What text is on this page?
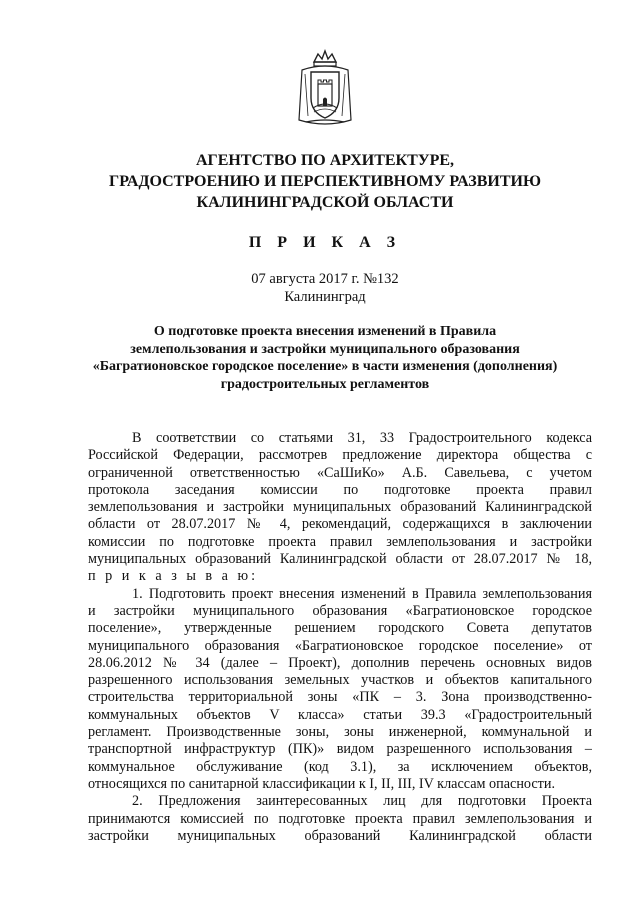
АГЕНТСТВО ПО АРХИТЕКТУРЕ,
ГРАДОСТРОЕНИЮ И ПЕРСПЕКТИВНОМУ РАЗВИТИЮ
КАЛИНИНГРАДСКОЙ ОБЛАСТИ
П Р И К А З
07 августа 2017 г. №132
Калининград
О подготовке проекта внесения изменений в Правила
землепользования и застройки муниципального образования
«Багратионовское городское поселение» в части изменения (дополнения)
градостроительных регламентов
В соответствии со статьями 31, 33 Градостроительного кодекса
Российской Федерации, рассмотрев предложение директора общества с
ограниченной ответственностью «СаШиКо» А.Б. Савельева, с учетом
протокола заседания комиссии по подготовке проекта правил
землепользования и застройки муниципальных образований Калининградской
области от 28.07.2017 № 4, рекомендаций, содержащихся в заключении
комиссии по подготовке проекта правил землепользования и застройки
муниципальных образований Калининградской области от 28.07.2017 № 18,
п р и к а з ы в а ю:
1. Подготовить проект внесения изменений в Правила землепользования
и застройки муниципального образования «Багратионовское городское
поселение», утвержденные решением городского Совета депутатов
муниципального образования «Багратионовское городское поселение» от
28.06.2012 № 34 (далее – Проект), дополнив перечень основных видов
разрешенного использования земельных участков и объектов капитального
строительства территориальной зоны «ПК – 3. Зона производственно-
коммунальных объектов V класса» статьи 39.3 «Градостроительный
регламент. Производственные зоны, зоны инженерной, коммунальной и
транспортной инфраструктур (ПК)» видом разрешенного использования –
коммунальное обслуживание (код 3.1), за исключением объектов,
относящихся по санитарной классификации к I, II, III, IV классам опасности.
2. Предложения заинтересованных лиц для подготовки Проекта
принимаются комиссией по подготовке проекта правил землепользования и
застройки муниципальных образований Калининградской области
